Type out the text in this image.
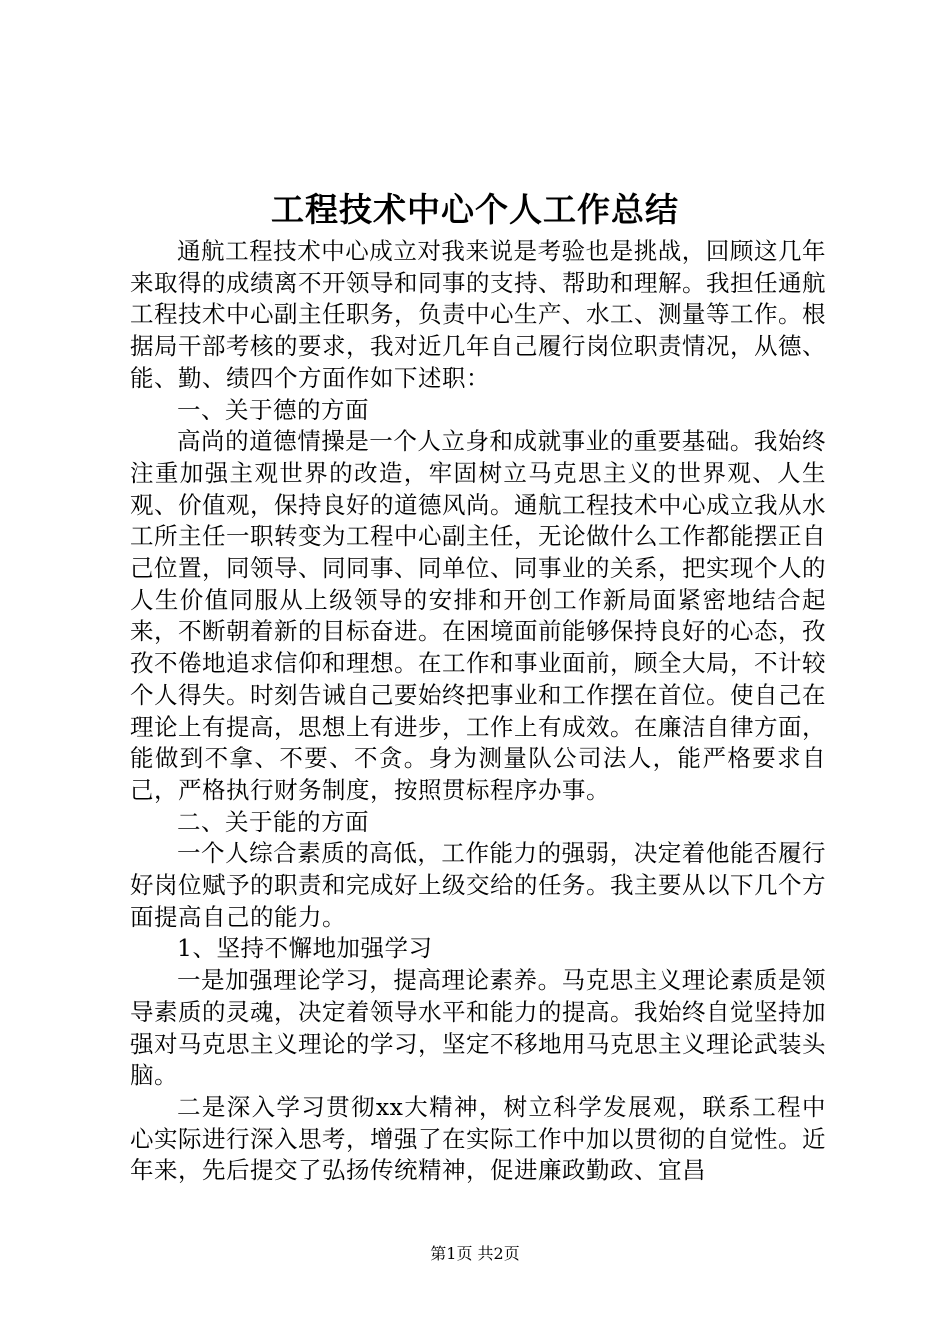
工程技术中心个人工作总结

通航工程技术中心成立对我来说是考验也是挑战，回顾这几年来取得的成绩离不开领导和同事的支持、帮助和理解。我担任通航工程技术中心副主任职务，负责中心生产、水工、测量等工作。根据局干部考核的要求，我对近几年自己履行岗位职责情况，从德、能、勤、绩四个方面作如下述职：

一、关于德的方面

高尚的道德情操是一个人立身和成就事业的重要基础。我始终注重加强主观世界的改造，牢固树立马克思主义的世界观、人生观、价值观，保持良好的道德风尚。通航工程技术中心成立我从水工所主任一职转变为工程中心副主任，无论做什么工作都能摆正自己位置，同领导、同同事、同单位、同事业的关系，把实现个人的人生价值同服从上级领导的安排和开创工作新局面紧密地结合起来，不断朝着新的目标奋进。在困境面前能够保持良好的心态，孜孜不倦地追求信仰和理想。在工作和事业面前，顾全大局，不计较个人得失。时刻告诫自己要始终把事业和工作摆在首位。使自己在理论上有提高，思想上有进步，工作上有成效。在廉洁自律方面，能做到不拿、不要、不贪。身为测量队公司法人，能严格要求自己，严格执行财务制度，按照贯标程序办事。

二、关于能的方面

一个人综合素质的高低，工作能力的强弱，决定着他能否履行好岗位赋予的职责和完成好上级交给的任务。我主要从以下几个方面提高自己的能力。

1、坚持不懈地加强学习

一是加强理论学习，提高理论素养。马克思主义理论素质是领导素质的灵魂，决定着领导水平和能力的提高。我始终自觉坚持加强对马克思主义理论的学习，坚定不移地用马克思主义理论武装头脑。

二是深入学习贯彻xx大精神，树立科学发展观，联系工程中心实际进行深入思考，增强了在实际工作中加以贯彻的自觉性。近年来，先后提交了弘扬传统精神，促进廉政勤政、宜昌

第1页 共2页
